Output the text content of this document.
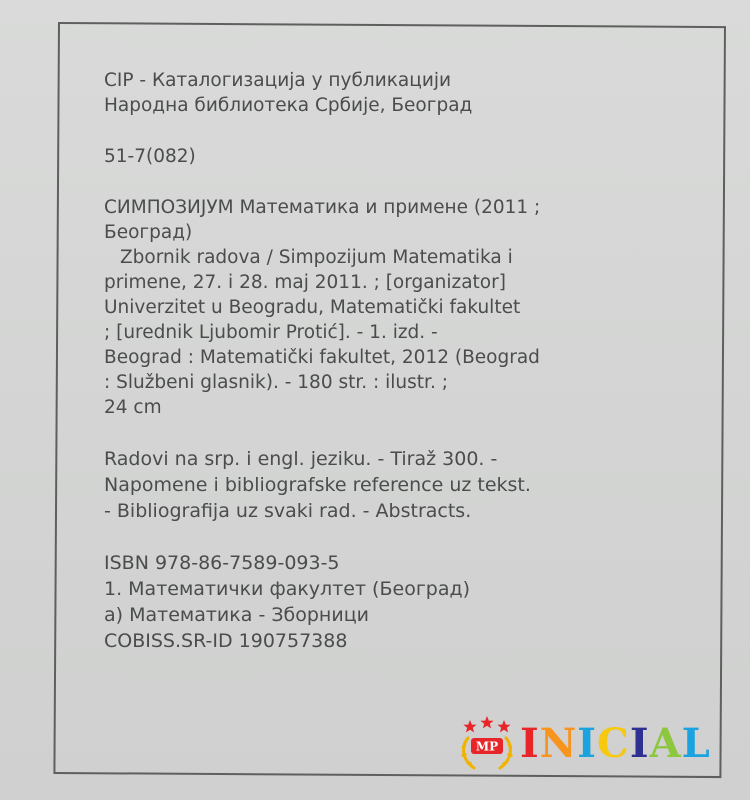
CIP - Каталогизација у публикацији
Народна библиотека Србије, Београд
51-7(082)
СИМПОЗИЈУМ Математика и примене (2011 ;
Београд)
Zbornik radova / Simpozijum Matematika i
primene, 27. i 28. maj 2011. ; [organizator]
Univerzitet u Beogradu, Matematički fakultet
; [urednik Ljubomir Protić]. - 1. izd. -
Beograd : Matematički fakultet, 2012 (Beograd
: Službeni glasnik). - 180 str. : ilustr. ;
24 cm
Radovi na srp. i engl. jeziku. - Tiraž 300. -
Napomene i bibliografske reference uz tekst.
- Bibliografija uz svaki rad. - Abstracts.
ISBN 978-86-7589-093-5
1. Математички факултет (Београд)
а) Математика - Зборници
COBISS.SR-ID 190757388
MP INICIAL
